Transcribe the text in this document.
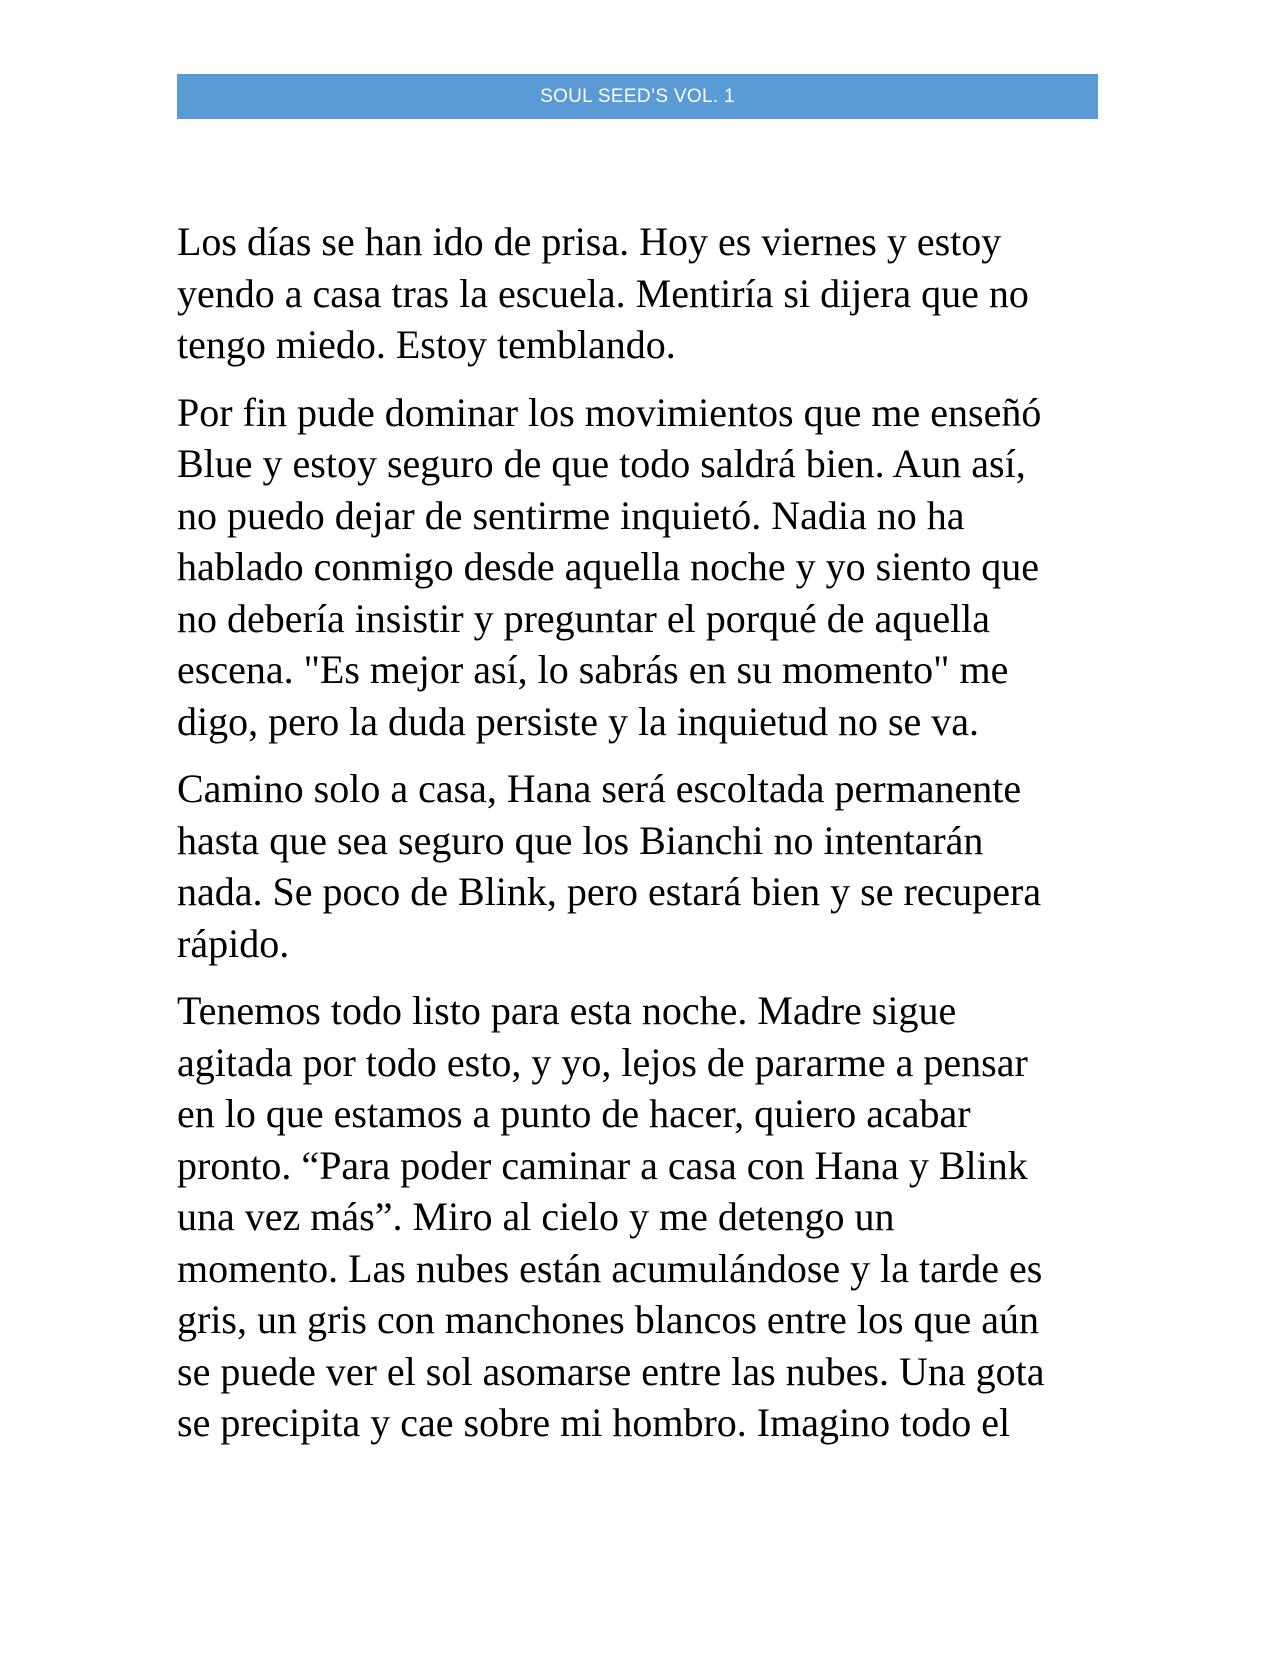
SOUL SEED’S VOL. 1

Los días se han ido de prisa. Hoy es viernes y estoy
yendo a casa tras la escuela. Mentiría si dijera que no
tengo miedo. Estoy temblando.

Por fin pude dominar los movimientos que me enseñó
Blue y estoy seguro de que todo saldrá bien. Aun así,
no puedo dejar de sentirme inquietó. Nadia no ha
hablado conmigo desde aquella noche y yo siento que
no debería insistir y preguntar el porqué de aquella
escena. "Es mejor así, lo sabrás en su momento" me
digo, pero la duda persiste y la inquietud no se va.

Camino solo a casa, Hana será escoltada permanente
hasta que sea seguro que los Bianchi no intentarán
nada. Se poco de Blink, pero estará bien y se recupera
rápido.

Tenemos todo listo para esta noche. Madre sigue
agitada por todo esto, y yo, lejos de pararme a pensar
en lo que estamos a punto de hacer, quiero acabar
pronto. “Para poder caminar a casa con Hana y Blink
una vez más”. Miro al cielo y me detengo un
momento. Las nubes están acumulándose y la tarde es
gris, un gris con manchones blancos entre los que aún
se puede ver el sol asomarse entre las nubes. Una gota
se precipita y cae sobre mi hombro. Imagino todo el
